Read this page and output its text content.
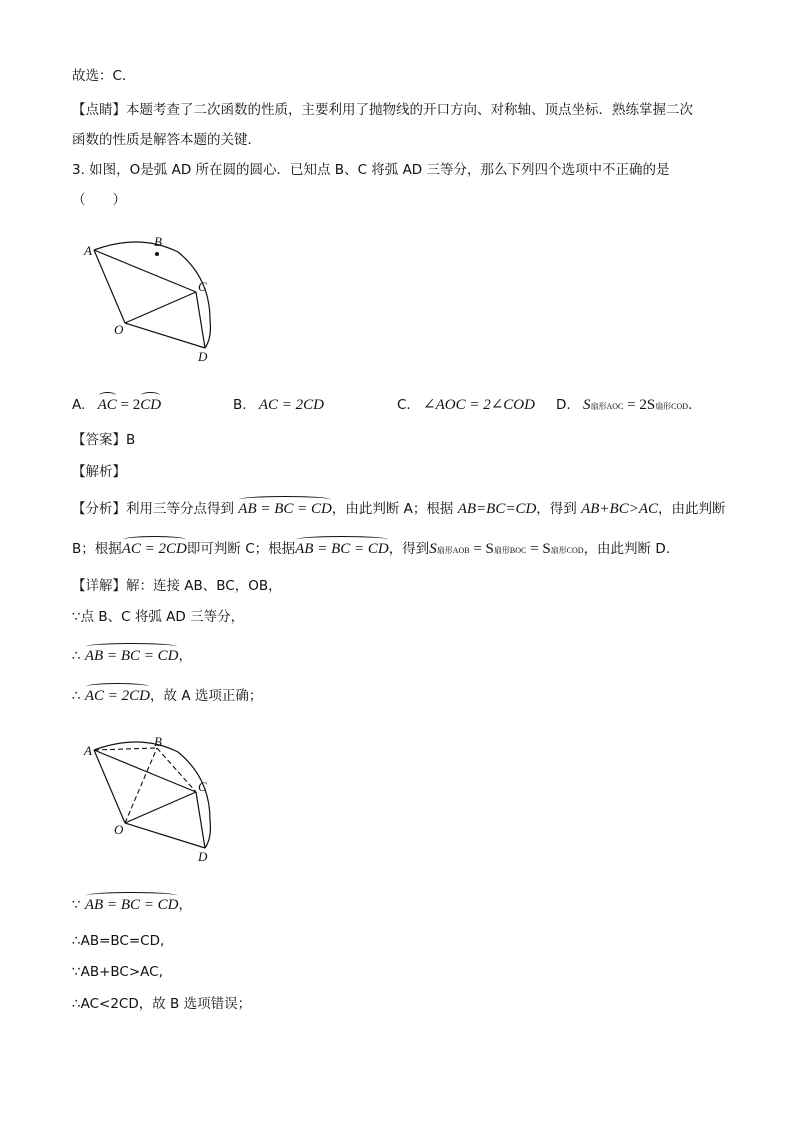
故选：C．
【点睛】本题考查了二次函数的性质，主要利用了抛物线的开口方向、对称轴、顶点坐标．熟练掌握二次
函数的性质是解答本题的关键．
3. 如图，O是弧 AD 所在圆的圆心．已知点 B、C 将弧 AD 三等分，那么下列四个选项中不正确的是
（　　）
A
B
C
O
D
A. AC = 2CD	B. AC = 2CD	C. ∠AOC = 2∠COD D. S扇形AOC = 2S扇形COD.
【答案】B
【解析】
【分析】利用三等分点得到 AB = BC = CD，由此判断 A；根据 AB=BC=CD，得到 AB+BC>AC，由此判断
B；根据AC = 2CD即可判断 C；根据AB = BC = CD，得到S扇形AOB = S扇形BOC = S扇形COD，由此判断 D．
【详解】解：连接 AB、BC，OB，
∵点 B、C 将弧 AD 三等分，
∴ AB = BC = CD，
∴ AC = 2CD，故 A 选项正确；
A
B
C
O
D
∵ AB = BC = CD，
∴AB=BC=CD,
∵AB+BC>AC,
∴AC<2CD，故 B 选项错误；
